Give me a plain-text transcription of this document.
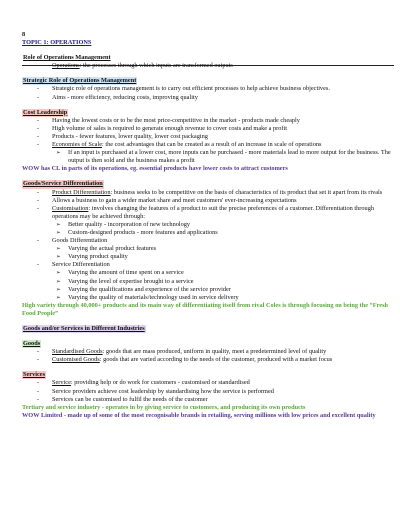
8
TOPIC 1: OPERATIONS
Role of Operations Management
- Operations: the processes through which inputs are transformed outputs
Strategic Role of Operations Management
- Strategic role of operations management is to carry out efficient processes to help achieve business objectives.
- Aims - more efficiency, reducing costs, improving quality
Cost Leadership
- Having the lowest costs or to be the most price-competitive in the market - products made cheaply
- High volume of sales is required to generate enough revenue to cover costs and make a profit
- Products - fewer features, lower quality, lower cost packaging
- Economies of Scale: the cost advantages that can be created as a result of an increase in scale of operations
➢ If an input is purchased at a lower cost, more inputs can be purchased - more materials lead to more output for the business. The output is then sold and the business makes a profit
WOW has CL in parts of its operations, eg. essential products have lower costs to attract customers
Goods/Service Differentiation
- Product Differentiation: business seeks to be competitive on the basis of characteristics of its product that set it apart from its rivals
- Allows a business to gain a wider market share and meet customers' ever-increasing expectations
- Customisation: involves changing the features of a product to suit the precise preferences of a customer. Differentiation through operations may be achieved through:
➢ Better quality - incorporation of new technology
➢ Custom-designed products - more features and applications
- Goods Differentiation
➢ Varying the actual product features
➢ Varying product quality
- Service Differentiation
➢ Varying the amount of time spent on a service
➢ Varying the level of expertise brought to a service
➢ Varying the qualifications and experience of the service provider
➢ Varying the quality of materials/technology used in service delivery
High variety through 40,000+ products and its main way of differentiating itself from rival Coles is through focusing on being the “Fresh Food People”
Goods and/or Services in Different Industries
Goods
- Standardised Goods: goods that are mass produced, uniform in quality, meet a predetermined level of quality
- Customised Goods: goods that are varied according to the needs of the customer, produced with a market focus
Services
- Service: providing help or do work for customers - customised or standardised
- Service providers achieve cost leadership by standardising how the service is performed
- Services can be customised to fulfil the needs of the customer
Tertiary and service industry - operates in by giving service to customers, and producing its own products
WOW Limited - made up of some of the most recognisable brands in retailing, serving millions with low prices and excellent quality
